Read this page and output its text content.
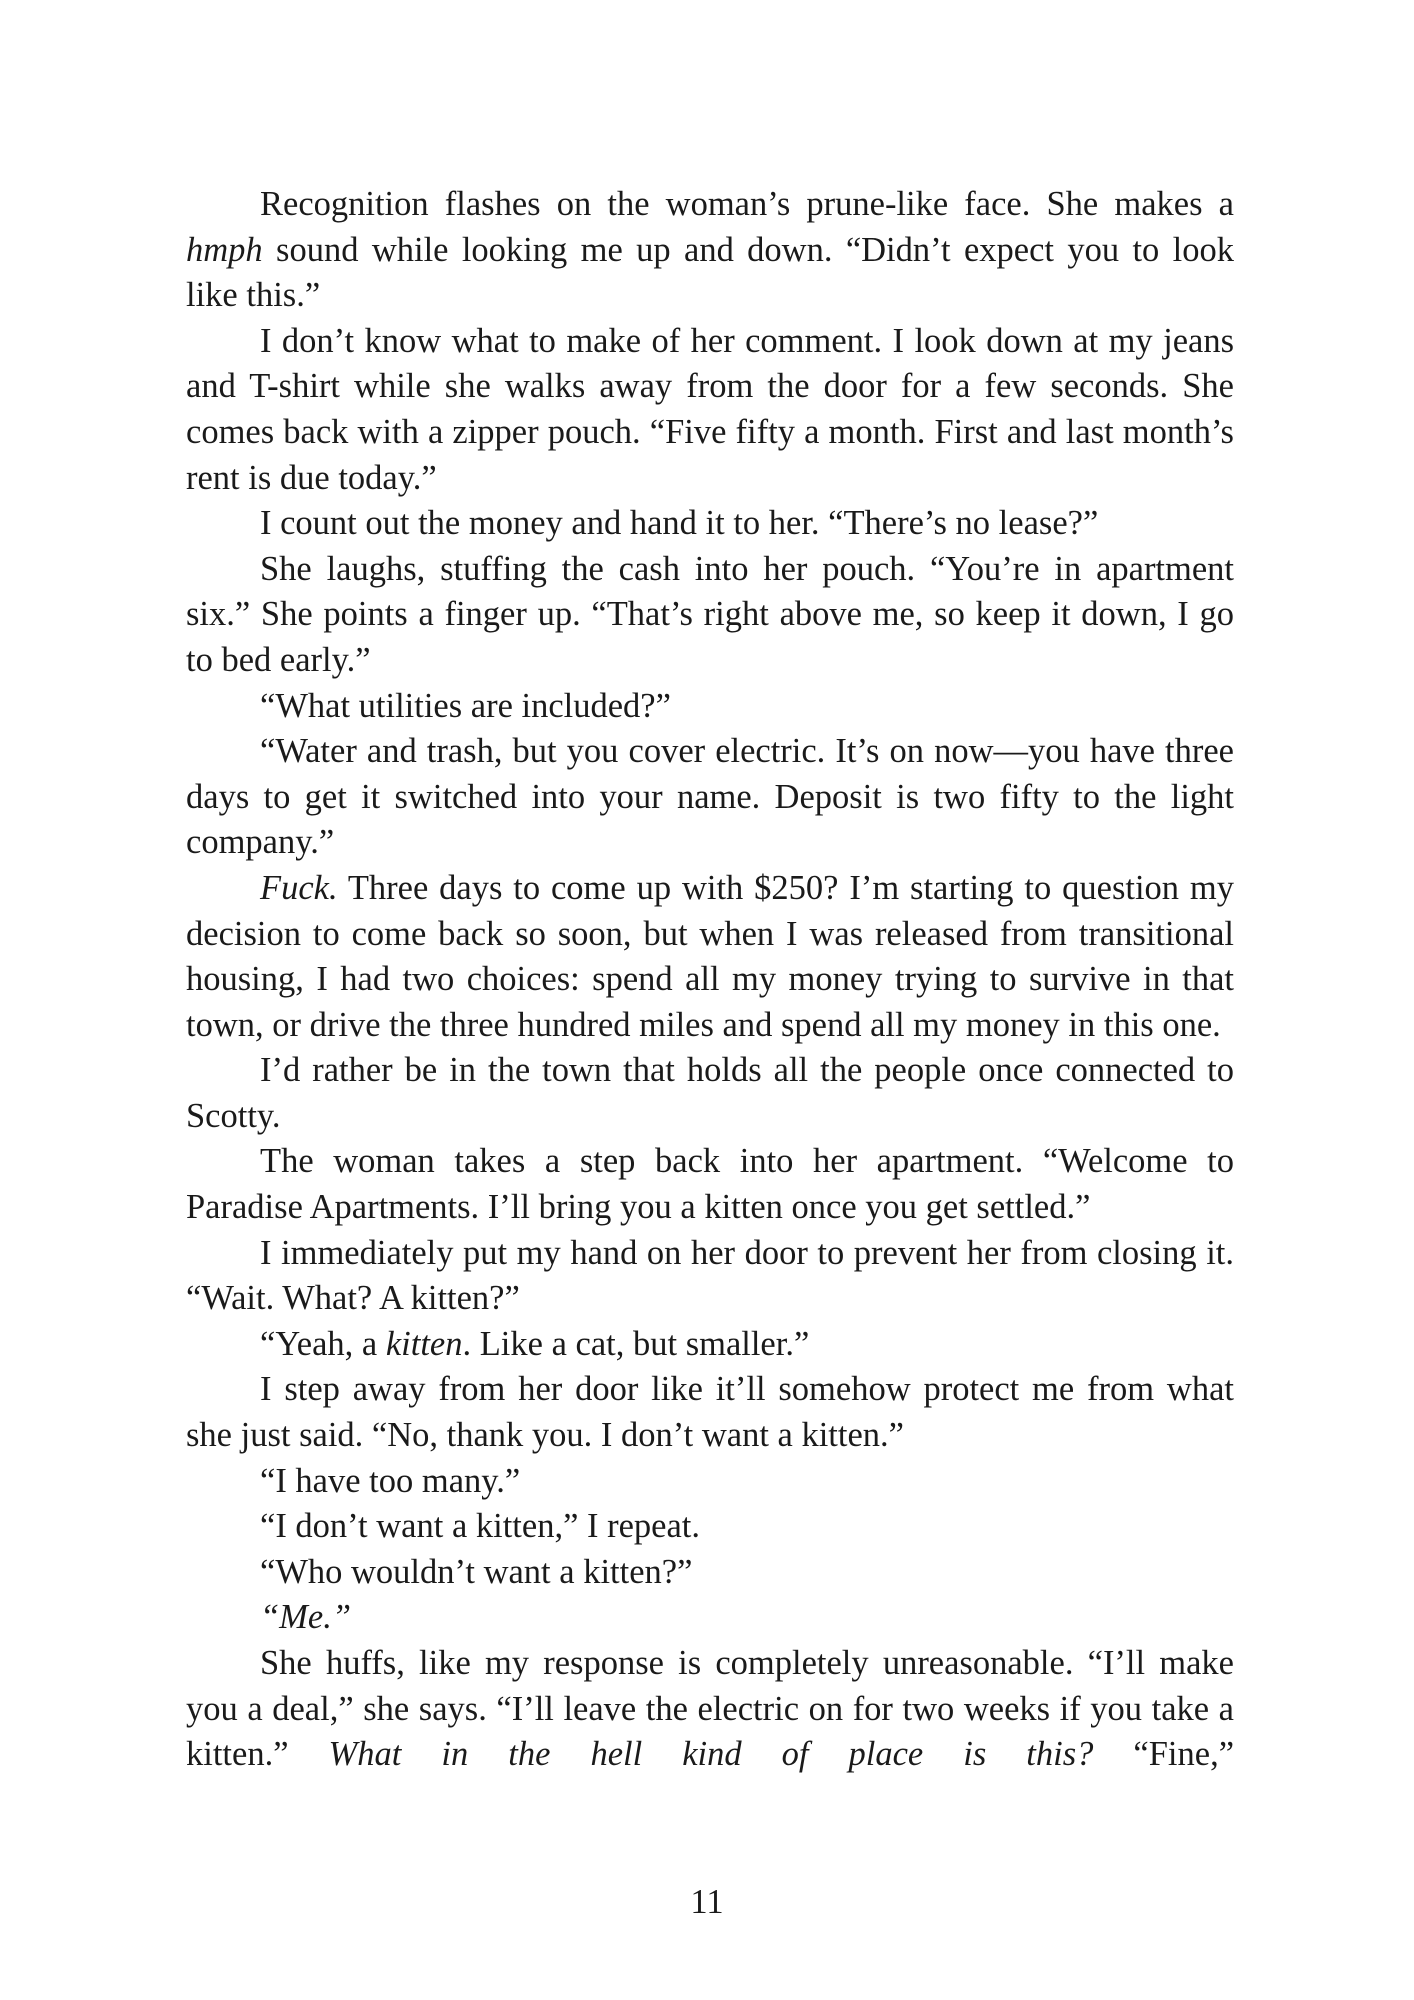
Recognition flashes on the woman’s prune-like face. She makes a hmph sound while looking me up and down. “Didn’t expect you to look like this.”

I don’t know what to make of her comment. I look down at my jeans and T-shirt while she walks away from the door for a few seconds. She comes back with a zipper pouch. “Five fifty a month. First and last month’s rent is due today.”

I count out the money and hand it to her. “There’s no lease?”

She laughs, stuffing the cash into her pouch. “You’re in apartment six.” She points a finger up. “That’s right above me, so keep it down, I go to bed early.”

“What utilities are included?”

“Water and trash, but you cover electric. It’s on now—you have three days to get it switched into your name. Deposit is two fifty to the light company.”

Fuck. Three days to come up with $250? I’m starting to question my decision to come back so soon, but when I was released from transitional housing, I had two choices: spend all my money trying to survive in that town, or drive the three hundred miles and spend all my money in this one.

I’d rather be in the town that holds all the people once connected to Scotty.

The woman takes a step back into her apartment. “Welcome to Paradise Apartments. I’ll bring you a kitten once you get settled.”

I immediately put my hand on her door to prevent her from closing it. “Wait. What? A kitten?”

“Yeah, a kitten. Like a cat, but smaller.”

I step away from her door like it’ll somehow protect me from what she just said. “No, thank you. I don’t want a kitten.”

“I have too many.”

“I don’t want a kitten,” I repeat.

“Who wouldn’t want a kitten?”

“Me.”

She huffs, like my response is completely unreasonable. “I’ll make you a deal,” she says. “I’ll leave the electric on for two weeks if you take a kitten.” What in the hell kind of place is this? “Fine,”

11
